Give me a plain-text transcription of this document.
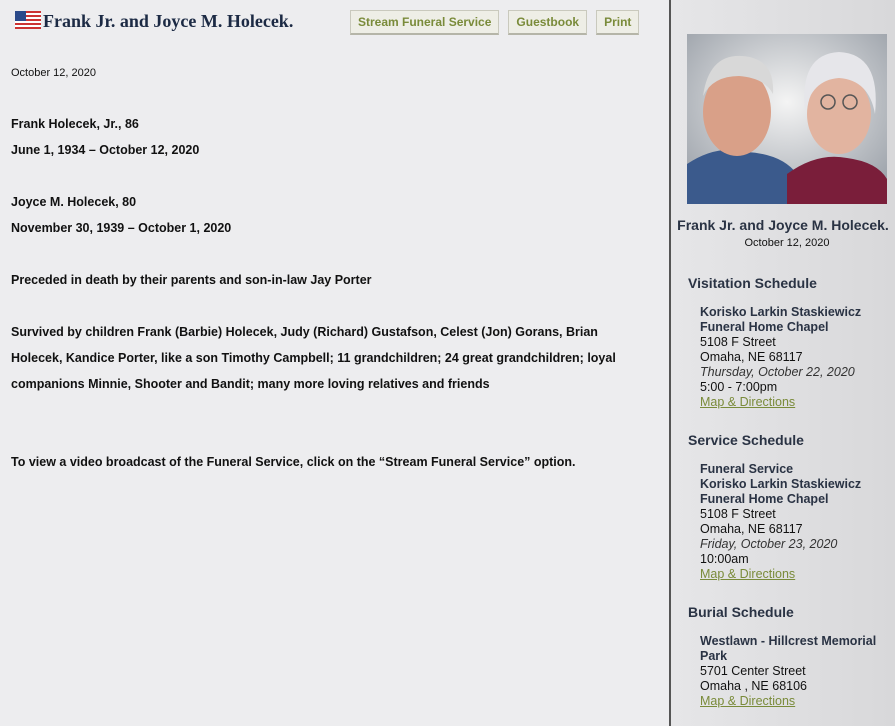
Frank Jr. and Joyce M. Holecek.
October 12, 2020
Stream Funeral Service	Guestbook	Print

Frank Holecek, Jr., 86

June 1, 1934 – October 12, 2020

Joyce M. Holecek, 80

November 30, 1939 – October 1, 2020

Preceded in death by their parents and son-in-law Jay Porter

Survived by children Frank (Barbie) Holecek, Judy (Richard) Gustafson, Celest (Jon) Gorans, Brian Holecek, Kandice Porter, like a son Timothy Campbell; 11 grandchildren; 24 great grandchildren; loyal companions Minnie, Shooter and Bandit; many more loving relatives and friends

To view a video broadcast of the Funeral Service, click on the “Stream Funeral Service” option.

Frank Jr. and Joyce M. Holecek.
October 12, 2020
Visitation Schedule
Korisko Larkin Staskiewicz Funeral Home Chapel
5108 F Street
Omaha, NE 68117
Thursday, October 22, 2020
5:00 - 7:00pm
Map & Directions
Service Schedule
Funeral Service
Korisko Larkin Staskiewicz Funeral Home Chapel
5108 F Street
Omaha, NE 68117
Friday, October 23, 2020
10:00am
Map & Directions
Burial Schedule
Westlawn - Hillcrest Memorial Park
5701 Center Street
Omaha , NE 68106
Map & Directions
